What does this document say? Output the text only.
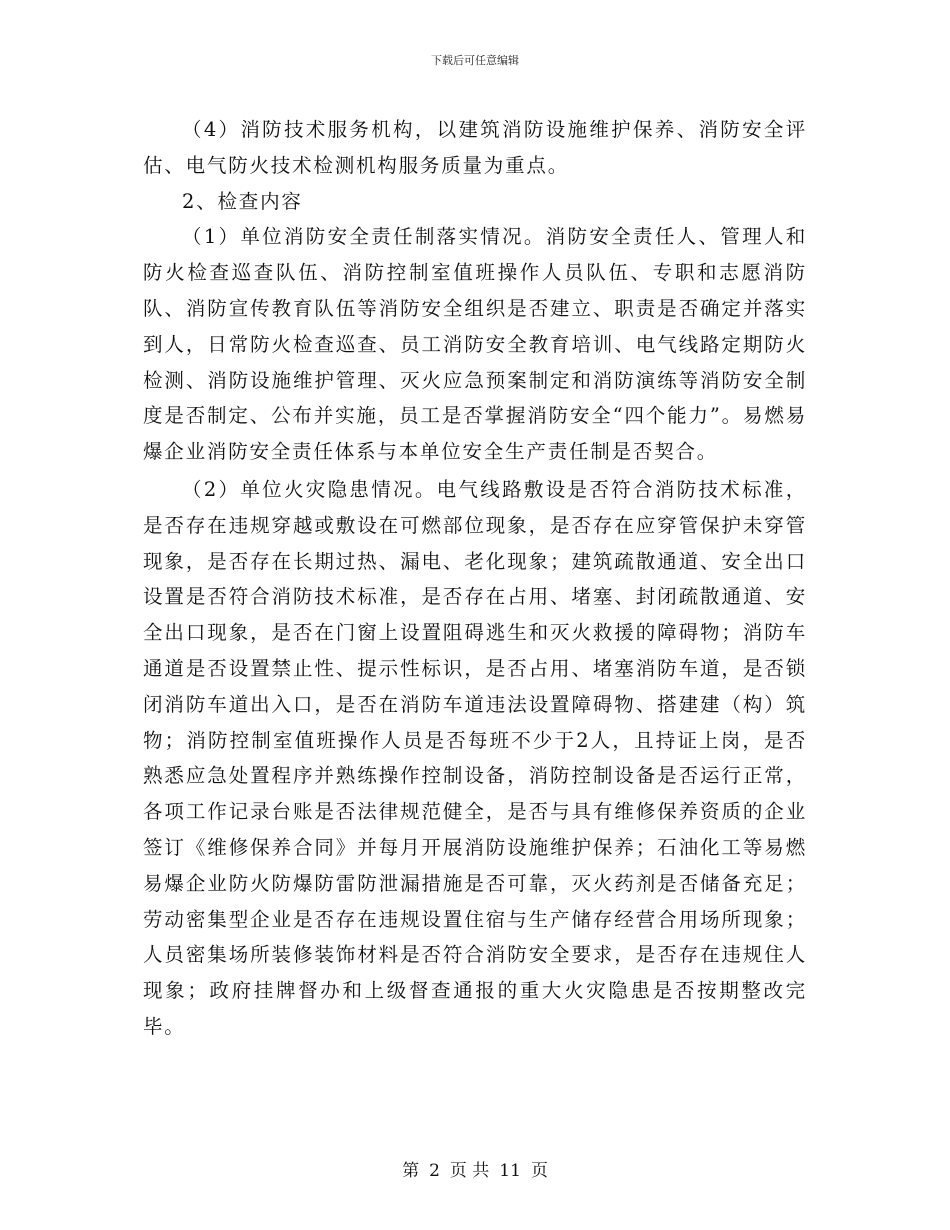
下载后可任意编辑

（4）消防技术服务机构，以建筑消防设施维护保养、消防安全评估、电气防火技术检测机构服务质量为重点。

2、检查内容

（1）单位消防安全责任制落实情况。消防安全责任人、管理人和防火检查巡查队伍、消防控制室值班操作人员队伍、专职和志愿消防队、消防宣传教育队伍等消防安全组织是否建立、职责是否确定并落实到人，日常防火检查巡查、员工消防安全教育培训、电气线路定期防火检测、消防设施维护管理、灭火应急预案制定和消防演练等消防安全制度是否制定、公布并实施，员工是否掌握消防安全“四个能力”。易燃易爆企业消防安全责任体系与本单位安全生产责任制是否契合。

（2）单位火灾隐患情况。电气线路敷设是否符合消防技术标准，是否存在违规穿越或敷设在可燃部位现象，是否存在应穿管保护未穿管现象，是否存在长期过热、漏电、老化现象；建筑疏散通道、安全出口设置是否符合消防技术标准，是否存在占用、堵塞、封闭疏散通道、安全出口现象，是否在门窗上设置阻碍逃生和灭火救援的障碍物；消防车通道是否设置禁止性、提示性标识，是否占用、堵塞消防车道，是否锁闭消防车道出入口，是否在消防车道违法设置障碍物、搭建建（构）筑物；消防控制室值班操作人员是否每班不少于2人，且持证上岗，是否熟悉应急处置程序并熟练操作控制设备，消防控制设备是否运行正常，各项工作记录台账是否法律规范健全，是否与具有维修保养资质的企业签订《维修保养合同》并每月开展消防设施维护保养；石油化工等易燃易爆企业防火防爆防雷防泄漏措施是否可靠，灭火药剂是否储备充足；劳动密集型企业是否存在违规设置住宿与生产储存经营合用场所现象；人员密集场所装修装饰材料是否符合消防安全要求，是否存在违规住人现象；政府挂牌督办和上级督查通报的重大火灾隐患是否按期整改完毕。

第 2 页 共 11 页
